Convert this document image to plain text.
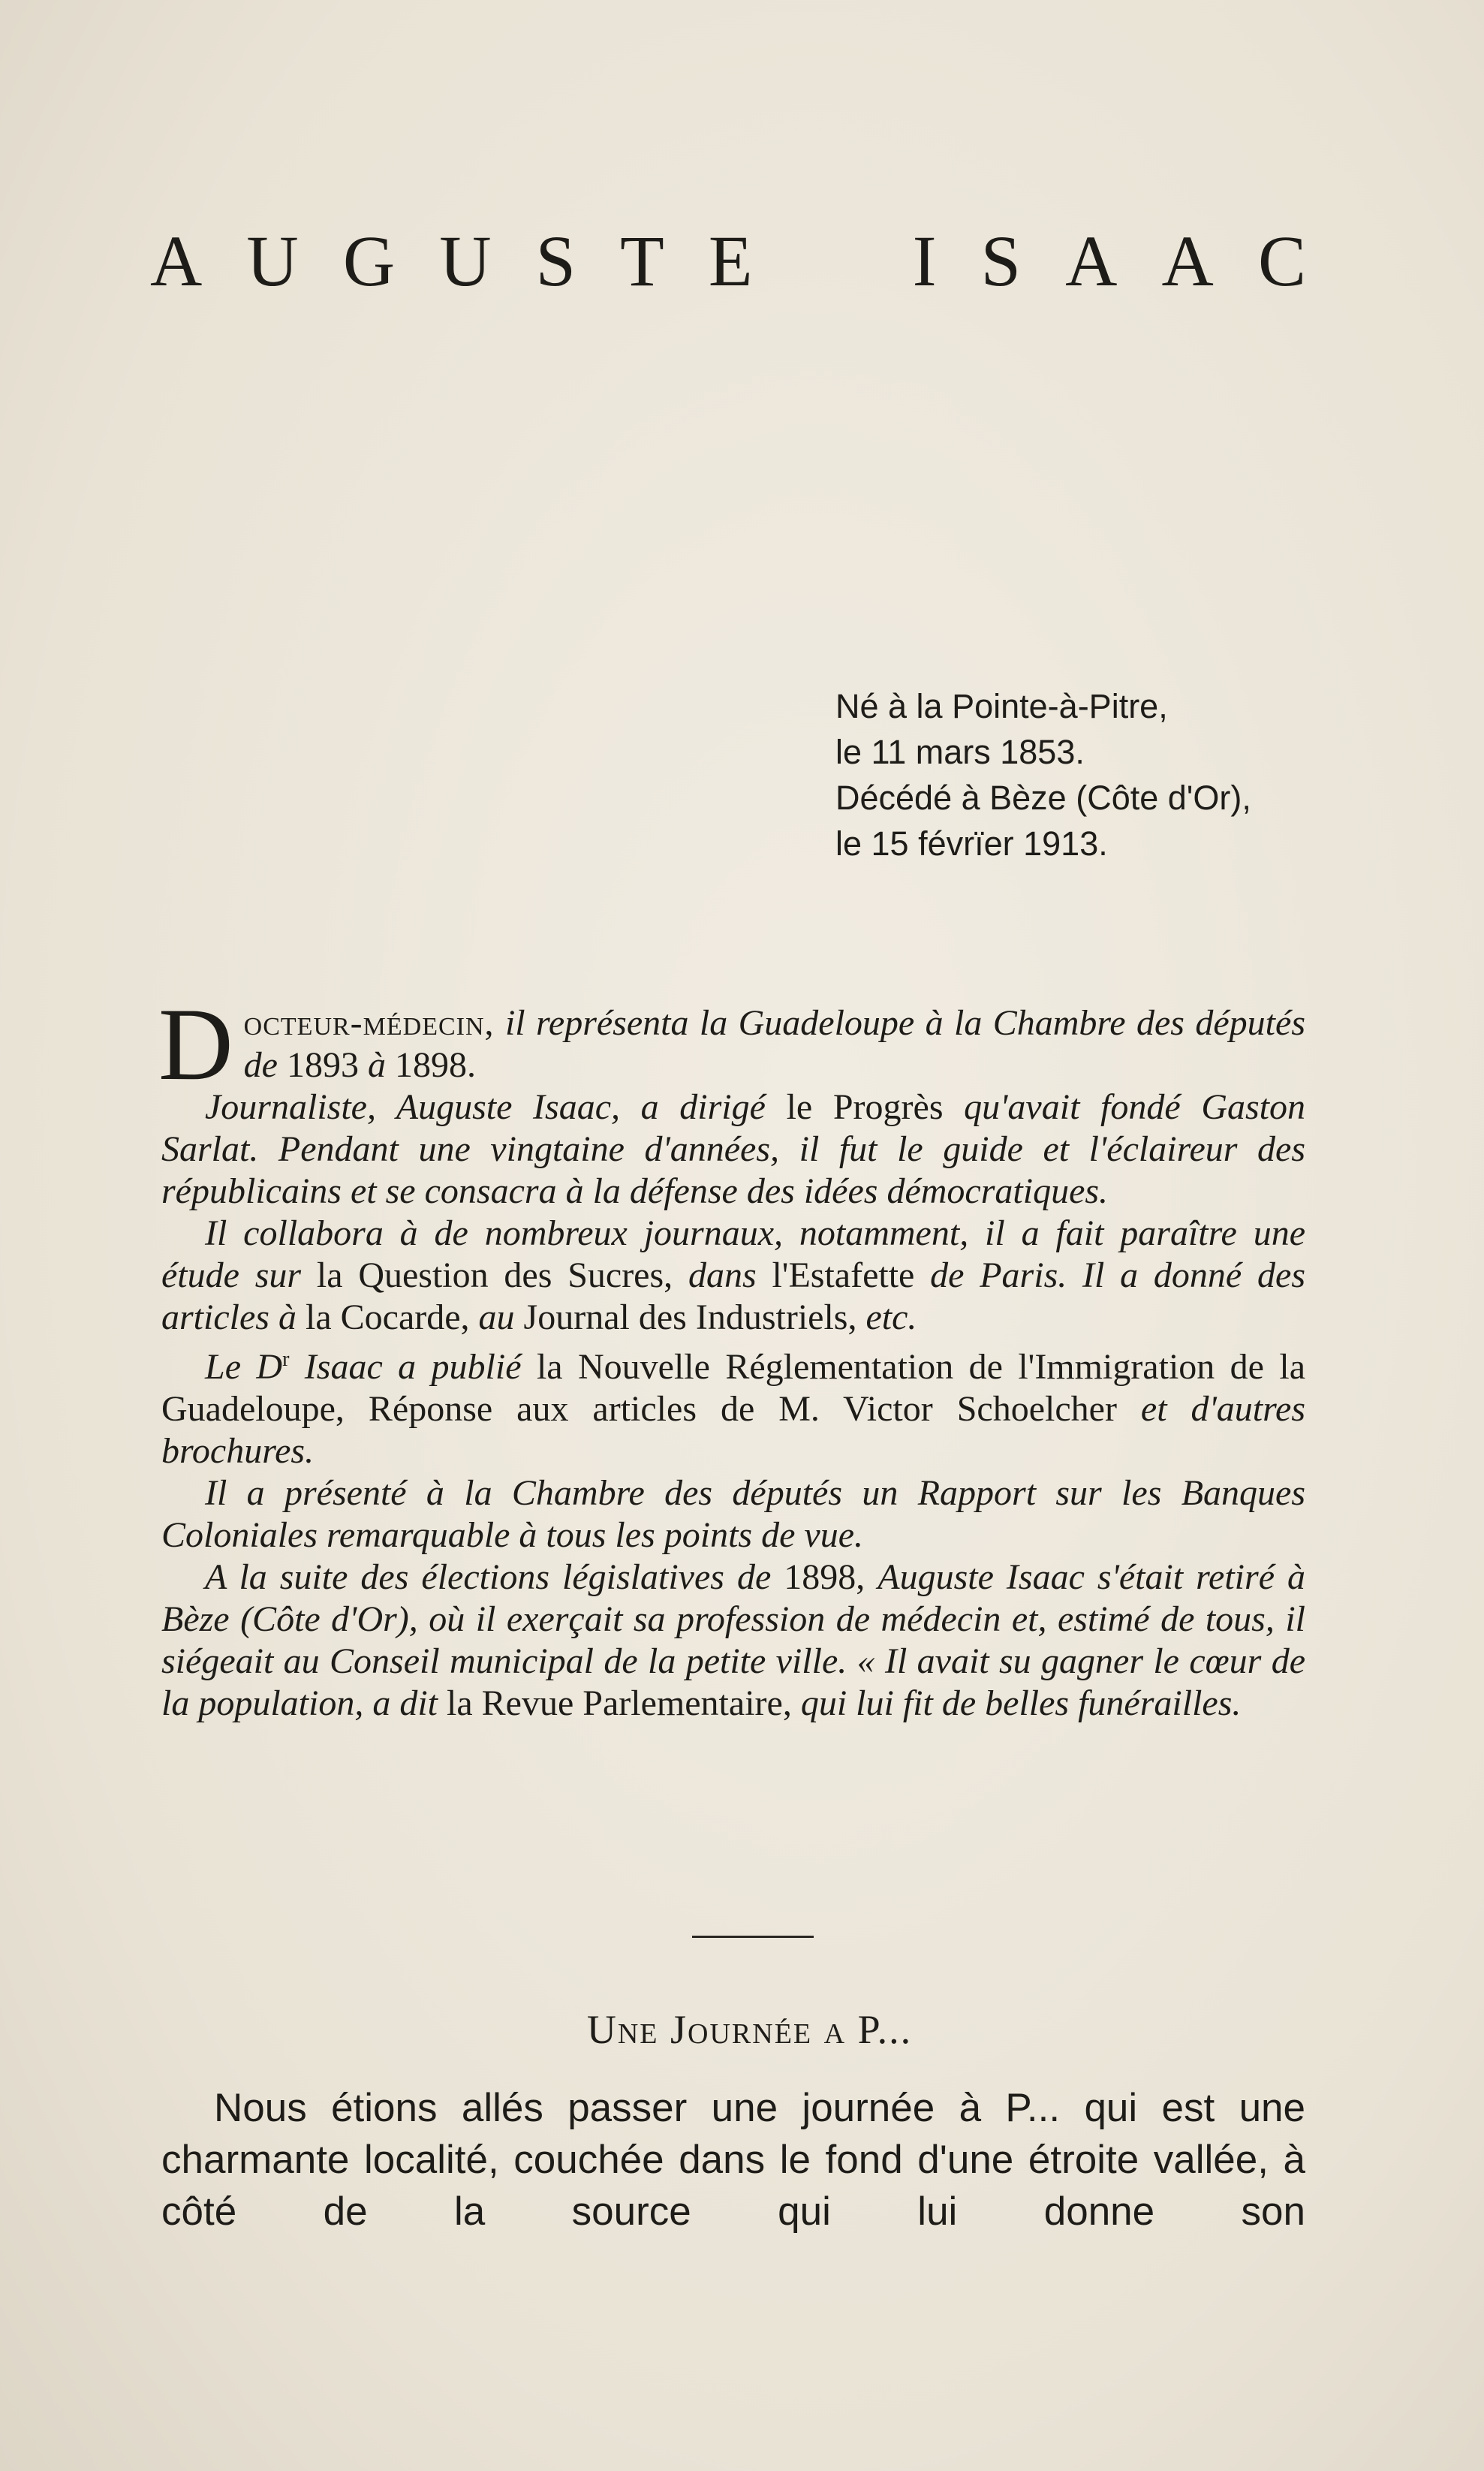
A U G U S T E I S A A C
Né à la Pointe-à-Pitre,
le 11 mars 1853.
Décédé à Bèze (Côte d'Or),
le 15 févrïer 1913.

Docteur-médecin, il représenta la Guadeloupe à la Chambre des députés de 1893 à 1898.

Journaliste, Auguste Isaac, a dirigé le Progrès qu'avait fondé Gaston Sarlat. Pendant une vingtaine d'années, il fut le guide et l'éclaireur des républicains et se consacra à la défense des idées démocratiques.

Il collabora à de nombreux journaux, notamment, il a fait paraître une étude sur la Question des Sucres, dans l'Estafette de Paris. Il a donné des articles à la Cocarde, au Journal des Industriels, etc.

Le $D^r$ Isaac a publié la Nouvelle Réglementation de l'Immigration de la Guadeloupe, Réponse aux articles de M. Victor Schoelcher et d'autres brochures.

Il a présenté à la Chambre des députés un Rapport sur les Banques Coloniales remarquable à tous les points de vue.

A la suite des élections législatives de 1898, Auguste Isaac s'était retiré à Bèze (Côte d'Or), où il exerçait sa profession de médecin et, estimé de tous, il siégeait au Conseil municipal de la petite ville. « Il avait su gagner le cœur de la population, a dit la Revue Parlementaire, qui lui fit de belles funérailles.

Une Journée a P...

Nous étions allés passer une journée à P... qui est une charmante localité, couchée dans le fond d'une étroite vallée, à côté de la source qui lui donne son
